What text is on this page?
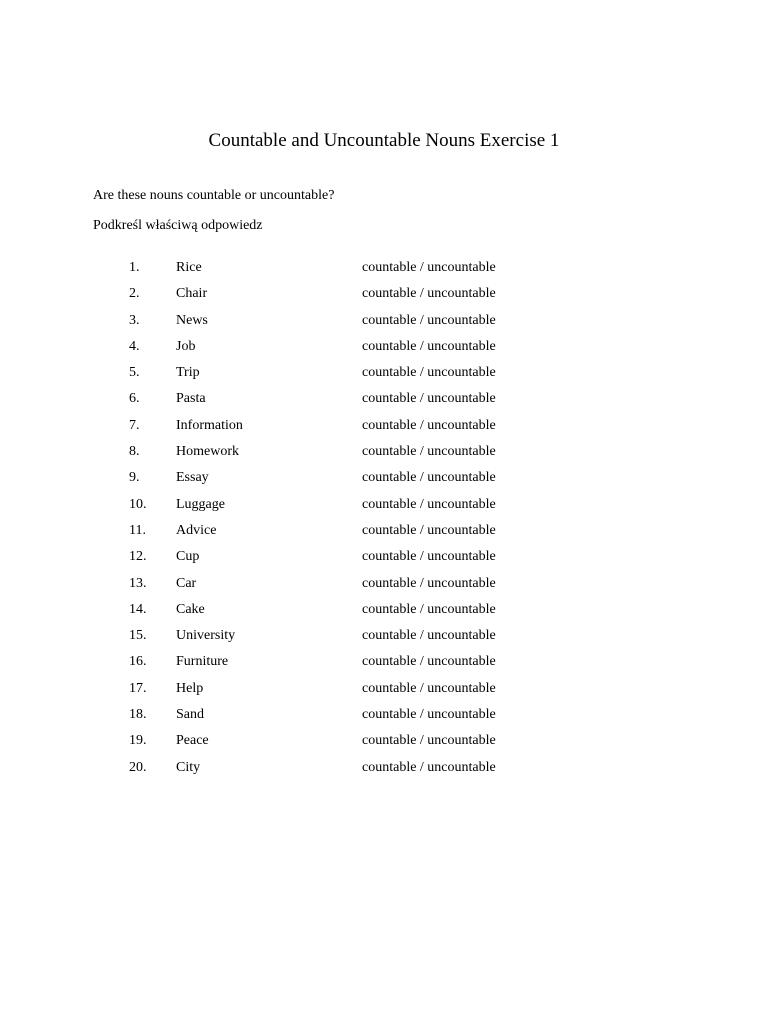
Countable and Uncountable Nouns Exercise 1

Are these nouns countable or uncountable?

Podkreśl właściwą odpowiedz

1.	Rice	countable / uncountable
2.	Chair	countable / uncountable
3.	News	countable / uncountable
4.	Job	countable / uncountable
5.	Trip	countable / uncountable
6.	Pasta	countable / uncountable
7.	Information	countable / uncountable
8.	Homework	countable / uncountable
9.	Essay	countable / uncountable
10. Luggage	countable / uncountable
11. Advice	countable / uncountable
12. Cup	countable / uncountable
13. Car	countable / uncountable
14. Cake	countable / uncountable
15. University	countable / uncountable
16. Furniture	countable / uncountable
17. Help	countable / uncountable
18. Sand	countable / uncountable
19. Peace	countable / uncountable
20. City	countable / uncountable
